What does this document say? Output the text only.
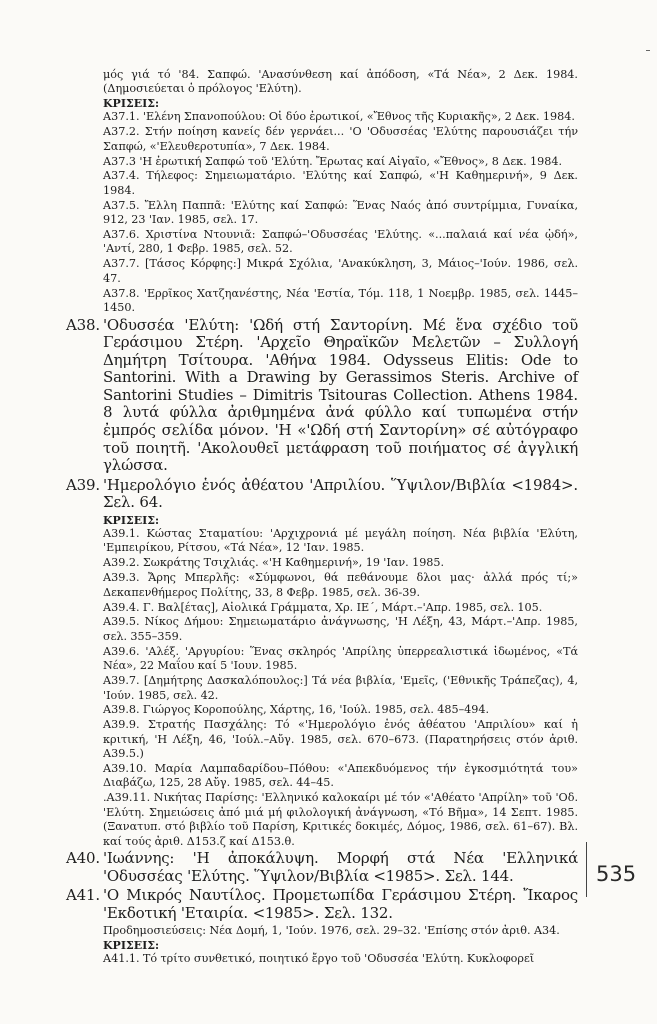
μός γιά τό '84. Σαπφώ. 'Ανασύνθεση καί ἀπόδοση, «Τά Νέα», 2 Δεκ. 1984. (Δημοσιεύεται ὁ πρόλογος 'Ελύτη).
ΚΡΙΣΕΙΣ:
Α37.1. 'Ελένη Σπανοπούλου: Οἱ δύο ἐρωτικοί, «Ἔθνος τῆς Κυριακῆς», 2 Δεκ. 1984.
Α37.2. Στήν ποίηση κανείς δέν γερνάει... 'Ο 'Οδυσσέας 'Ελύτης παρουσιάζει τήν Σαπφώ, «'Ελευθεροτυπία», 7 Δεκ. 1984.
Α37.3 'Η ἐρωτική Σαπφώ τοῦ 'Ελύτη. Ἔρωτας καί Αἰγαῖο, «Ἔθνος», 8 Δεκ. 1984.
Α37.4. Τήλεφος: Σημειωματάριο. 'Ελύτης καί Σαπφώ, «'Η Καθημερινή», 9 Δεκ. 1984.
Α37.5. Ἔλλη Παππᾶ: 'Ελύτης καί Σαπφώ: Ἕνας Ναός ἀπό συντρίμμια, Γυναίκα, 912, 23 'Ιαν. 1985, σελ. 17.
Α37.6. Χριστίνα Ντουνιᾶ: Σαπφώ–'Οδυσσέας 'Ελύτης. «...παλαιά καί νέα ᾠδή», 'Αντί, 280, 1 Φεβρ. 1985, σελ. 52.
Α37.7. [Τάσος Κόρφης:] Μικρά Σχόλια, 'Ανακύκληση, 3, Μάιος–'Ιούν. 1986, σελ. 47.
Α37.8. 'Ερρῖκος Χατζηανέστης, Νέα 'Εστία, Τόμ. 118, 1 Νοεμβρ. 1985, σελ. 1445–1450.
Α38. 'Οδυσσέα 'Ελύτη: 'Ωδή στή Σαντορίνη. Μέ ἕνα σχέδιο τοῦ Γεράσιμου Στέρη. 'Αρχεῖο Θηραϊκῶν Μελετῶν – Συλλογή Δημήτρη Τσίτουρα. 'Αθήνα 1984. Odysseus Elitis: Ode to Santorini. With a Drawing by Gerassimos Steris. Archive of Santorini Studies – Dimitris Tsitouras Collection. Athens 1984. 8 λυτά φύλλα ἀριθμημένα ἀνά φύλλο καί τυπωμένα στήν ἐμπρός σελίδα μόνον. 'Η «'Ωδή στή Σαντορίνη» σέ αὐτόγραφο τοῦ ποιητῆ. 'Ακολουθεῖ μετάφραση τοῦ ποιήματος σέ ἀγγλική γλώσσα.
Α39. 'Ημερολόγιο ἑνός ἀθέατου 'Απριλίου. Ὕψιλον/Βιβλία <1984>. Σελ. 64.
ΚΡΙΣΕΙΣ:
Α39.1. Κώστας Σταματίου: 'Αρχιχρονιά μέ μεγάλη ποίηση. Νέα βιβλία 'Ελύτη, 'Εμπειρίκου, Ρίτσου, «Τά Νέα», 12 'Ιαν. 1985.
Α39.2. Σωκράτης Τσιχλιάς. «'Η Καθημερινή», 19 'Ιαν. 1985.
Α39.3. Ἄρης Μπερλῆς: «Σύμφωνοι, θά πεθάνουμε δλοι μας· ἀλλά πρός τί;» Δεκαπενθήμερος Πολίτης, 33, 8 Φεβρ. 1985, σελ. 36-39.
Α39.4. Γ. Βαλ[έτας], Αἰολικά Γράμματα, Χρ. ΙΕ΄, Μάρτ.–'Απρ. 1985, σελ. 105.
Α39.5. Νίκος Δήμου: Σημειωματάριο ἀνάγνωσης, 'Η Λέξη, 43, Μάρτ.–'Απρ. 1985, σελ. 355–359.
Α39.6. 'Αλέξ. 'Αργυρίου: Ἕνας σκληρός 'Απρίλης ὑπερρεαλιστικά ἰδωμένος, «Τά Νέα», 22 Μαΐου καί 5 'Ιουν. 1985.
Α39.7. [Δημήτρης Δασκαλόπουλος:] Τά νέα βιβλία, 'Εμεῖς, ('Εθνικῆς Τράπεζας), 4, 'Ιούν. 1985, σελ. 42.
Α39.8. Γιώργος Κοροπούλης, Χάρτης, 16, 'Ιούλ. 1985, σελ. 485–494.
Α39.9. Στρατής Πασχάλης: Τό «'Ημερολόγιο ἑνός ἀθέατου 'Απριλίου» καί ἡ κριτική, 'Η Λέξη, 46, 'Ιούλ.–Αὔγ. 1985, σελ. 670–673. (Παρατηρήσεις στόν ἀριθ. Α39.5.)
Α39.10. Μαρία Λαμπαδαρίδου–Πόθου: «'Απεκδυόμενος τήν ἐγκοσμιότητά του» Διαβάζω, 125, 28 Αὔγ. 1985, σελ. 44–45.
.Α39.11. Νικήτας Παρίσης: 'Ελληνικό καλοκαίρι μέ τόν «'Αθέατο 'Απρίλη» τοῦ 'Οδ. 'Ελύτη. Σημειώσεις ἀπό μιά μή φιλολογική ἀνάγνωση, «Τό Βῆμα», 14 Σεπτ. 1985. (Ξανατυπ. στό βιβλίο τοῦ Παρίση, Κριτικές δοκιμές, Δόμος, 1986, σελ. 61–67). Βλ. καί τούς ἀριθ. Δ153.ζ καί Δ153.θ.
Α40. 'Ιωάννης: 'Η ἀποκάλυψη. Μορφή στά Νέα 'Ελληνικά 'Οδυσσέας 'Ελύτης. Ὕψιλον/Βιβλία <1985>. Σελ. 144.
Α41. 'Ο Μικρός Ναυτίλος. Προμετωπίδα Γεράσιμου Στέρη. Ἴκαρος 'Εκδοτική 'Εταιρία. <1985>. Σελ. 132.
Προδημοσιεύσεις: Νέα Δομή, 1, 'Ιούν. 1976, σελ. 29–32. 'Επίσης στόν ἀριθ. Α34.
ΚΡΙΣΕΙΣ:
Α41.1. Τό τρίτο συνθετικό, ποιητικό ἔργο τοῦ 'Οδυσσέα 'Ελύτη. Κυκλοφορεῖ
535
